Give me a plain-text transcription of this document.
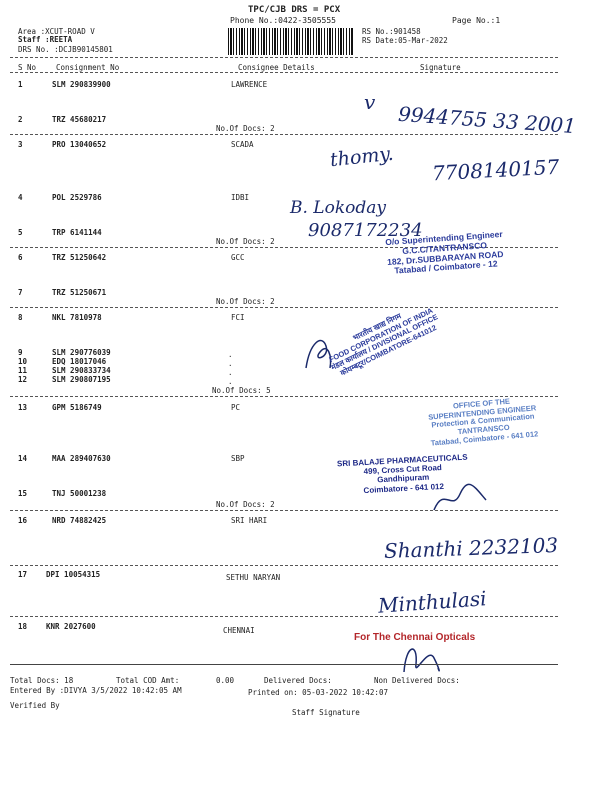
TPC/CJB DRS = PCX
Phone No.:0422-3505555	Page No.:1
Area :XCUT-ROAD V
Staff :REETA
DRS No. :DCJB90145801
RS No.:901458
RS Date:05-Mar-2022
S No	Consignment No	Consignee Details	Signature
1	SLM 290839900	LAWRENCE
2	TRZ 45680217
No.Of Docs: 2
3	PRO 13040652	SCADA
4	POL 2529786	IDBI
5	TRP 6141144
No.Of Docs: 2
6	TRZ 51250642	GCC
7	TRZ 51250671
No.Of Docs: 2
8	NKL 7810978	FCI
9	SLM 290776039
10	EDQ 18017046
11	SLM 290833734
12	SLM 290807195
.
.
.
.
No.Of Docs: 5
13	GPM 5186749	PC
14	MAA 289407630	SBP
15	TNJ 50001238
No.Of Docs: 2
16	NRD 74882425	SRI HARI
17	DPI 10054315	SETHU NARYAN
18	KNR 2027600	CHENNAI
v 9944755 33 2001
thomy. 7708140157
B. Lokoday
9087172234
Shanthi 2232103
Minthulasi
O/o Superintending Engineer
G.C.C/TANTRANSCO
182, Dr.SUBBARAYAN ROAD
Tatabad / Coimbatore - 12
भारतीय खाद्य निगम
FOOD CORPORATION OF INDIA
मंडल कार्यालय / DIVISIONAL OFFICE
कोयम्बटूर/COIMBATORE-641012
OFFICE OF THE
SUPERINTENDING ENGINEER
Protection & Communication
TANTRANSCO
Tatabad, Coimbatore - 641 012
SRI BALAJE PHARMACEUTICALS
499, Cross Cut Road
Gandhipuram
Coimbatore - 641 012
For The Chennai Opticals
Total Docs: 18	Total COD Amt:	0.00	Delivered Docs:	Non Delivered Docs:
Entered By :DIVYA 3/5/2022 10:42:05 AM	Printed on: 05-03-2022 10:42:07
Verified By
Staff Signature
